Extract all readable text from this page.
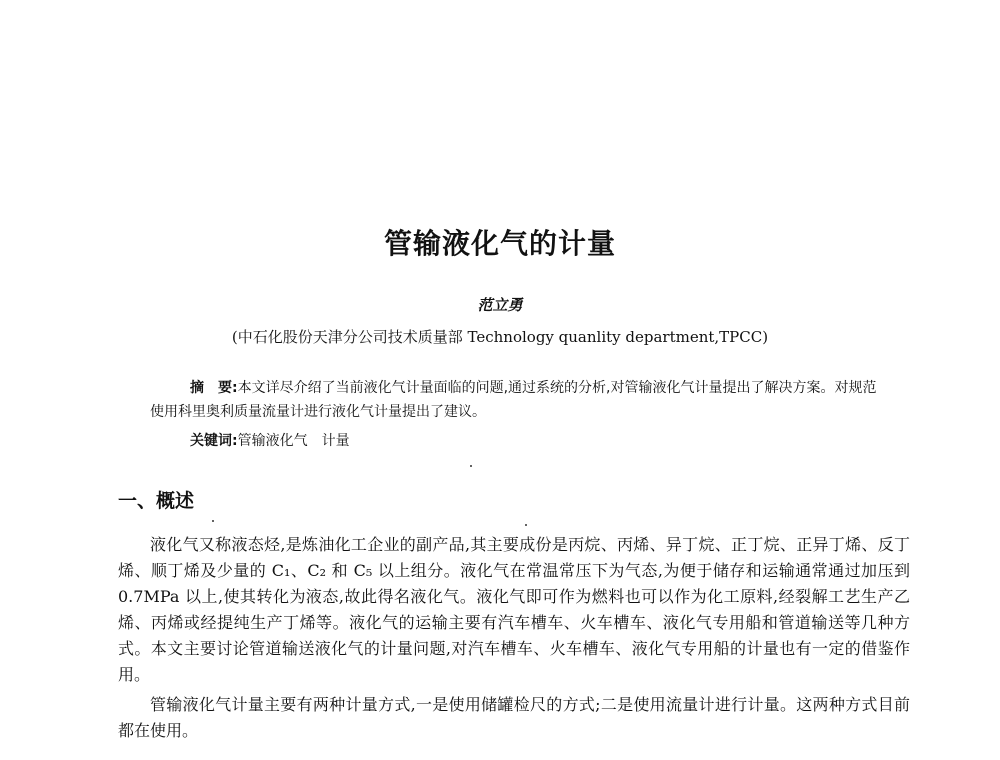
管输液化气的计量
范立勇
(中石化股份天津分公司技术质量部 Technology quanlity department,TPCC)
摘　要:本文详尽介绍了当前液化气计量面临的问题,通过系统的分析,对管输液化气计量提出了解决方案。对规范使用科里奥利质量流量计进行液化气计量提出了建议。
关键词:管输液化气　计量
一、概述

液化气又称液态烃,是炼油化工企业的副产品,其主要成份是丙烷、丙烯、异丁烷、正丁烷、正异丁烯、反丁烯、顺丁烯及少量的 C₁、C₂ 和 C₅ 以上组分。液化气在常温常压下为气态,为便于储存和运输通常通过加压到 0.7MPa 以上,使其转化为液态,故此得名液化气。液化气即可作为燃料也可以作为化工原料,经裂解工艺生产乙烯、丙烯或经提纯生产丁烯等。液化气的运输主要有汽车槽车、火车槽车、液化气专用船和管道输送等几种方式。本文主要讨论管道输送液化气的计量问题,对汽车槽车、火车槽车、液化气专用船的计量也有一定的借鉴作用。

管输液化气计量主要有两种计量方式,一是使用储罐检尺的方式;二是使用流量计进行计量。这两种方式目前都在使用。
